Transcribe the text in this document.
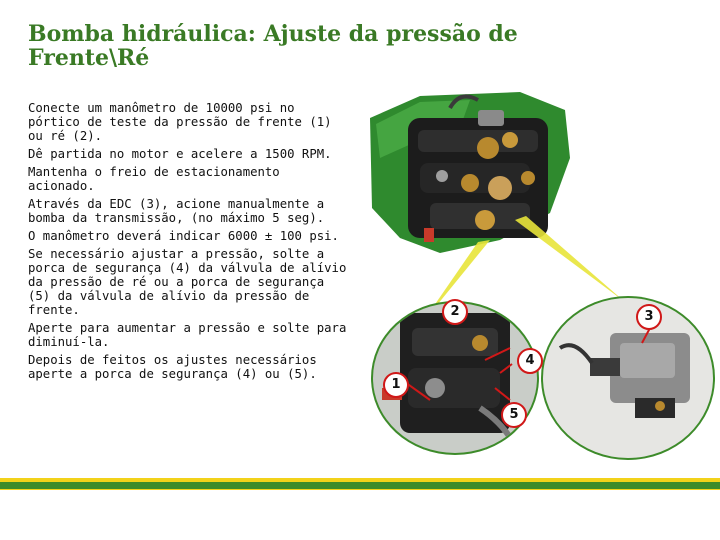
Bomba hidráulica: Ajuste da pressão de Frente\Ré

Conecte um manômetro de 10000 psi no pórtico de teste da pressão de frente (1) ou ré (2).

Dê partida no motor e acelere a 1500 RPM.

Mantenha o freio de estacionamento acionado.

Através da EDC (3), acione manualmente a bomba da transmissão, (no máximo 5 seg).

O manômetro deverá indicar 6000 ± 100 psi.

Se necessário ajustar a pressão, solte a porca de segurança (4) da válvula de alívio da pressão de ré ou a porca de segurança (5) da válvula de alívio da pressão de frente.

Aperte para aumentar a pressão e solte para diminuí-la.

Depois de feitos os ajustes necessários aperte a porca de segurança (4) ou (5).

1
2	3
4
5
